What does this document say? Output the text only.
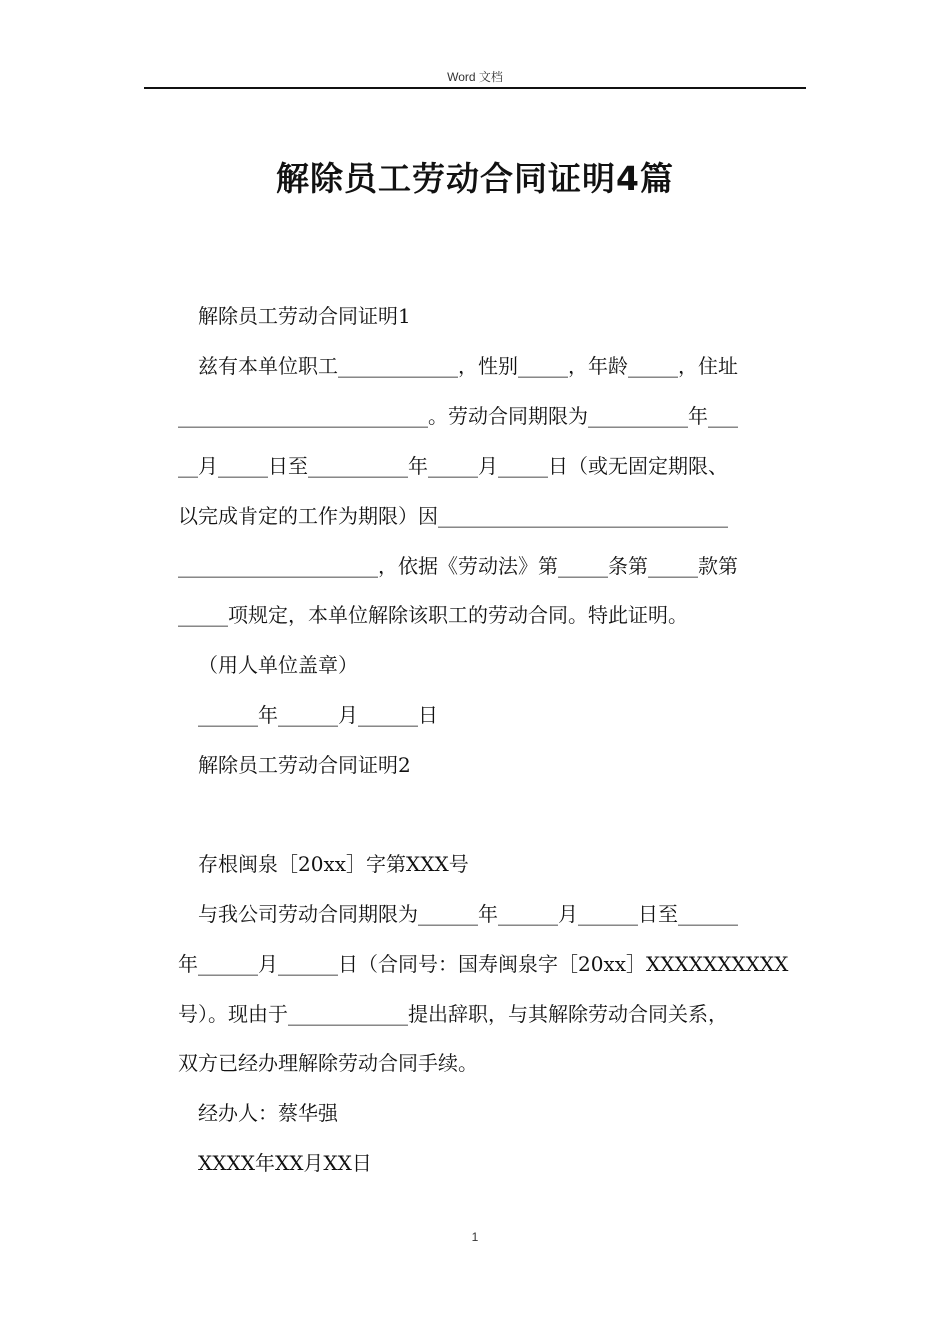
Word 文档
解除员工劳动合同证明4篇
解除员工劳动合同证明1
兹有本单位职工____________，性别_____，年龄_____，住址
_________________________。劳动合同期限为__________年___
__月_____日至__________年_____月_____日（或无固定期限、
以完成肯定的工作为期限）因_____________________________
____________________，依据《劳动法》第_____条第_____款第
_____项规定，本单位解除该职工的劳动合同。特此证明。
（用人单位盖章）
______年______月______日
解除员工劳动合同证明2
存根闽泉［20xx］字第XXX号
与我公司劳动合同期限为______年______月______日至______
年______月______日（合同号：国寿闽泉字［20xx］XXXXXXXXXX
号）。现由于____________提出辞职，与其解除劳动合同关系，
双方已经办理解除劳动合同手续。
经办人：蔡华强
XXXX年XX月XX日
1
